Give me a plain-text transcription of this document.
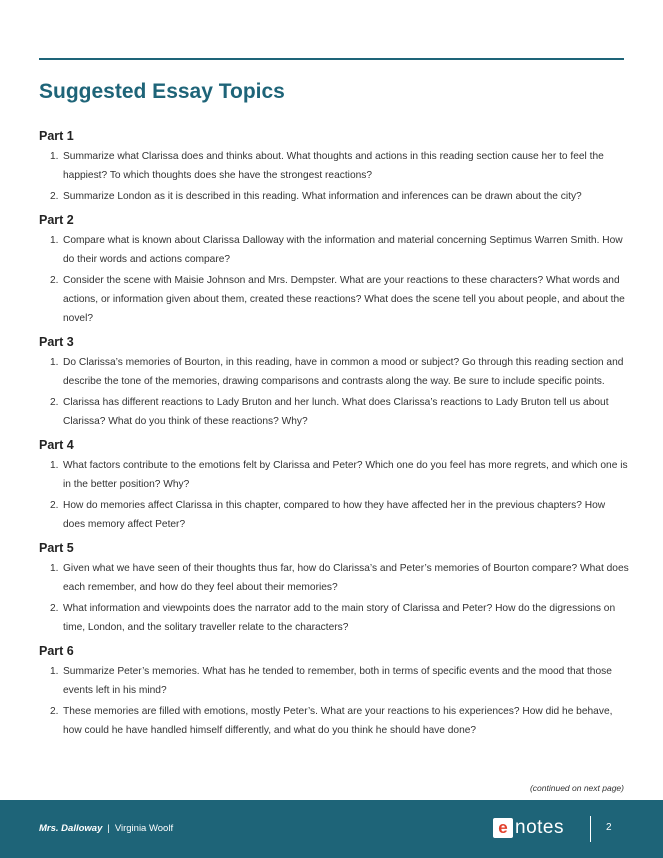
Suggested Essay Topics
Part 1
1. Summarize what Clarissa does and thinks about. What thoughts and actions in this reading section cause her to feel the happiest? To which thoughts does she have the strongest reactions?
2. Summarize London as it is described in this reading. What information and inferences can be drawn about the city?
Part 2
1. Compare what is known about Clarissa Dalloway with the information and material concerning Septimus Warren Smith. How do their words and actions compare?
2. Consider the scene with Maisie Johnson and Mrs. Dempster. What are your reactions to these characters? What words and actions, or information given about them, created these reactions? What does the scene tell you about people, and about the novel?
Part 3
1. Do Clarissa’s memories of Bourton, in this reading, have in common a mood or subject? Go through this reading section and describe the tone of the memories, drawing comparisons and contrasts along the way. Be sure to include specific points.
2. Clarissa has different reactions to Lady Bruton and her lunch. What does Clarissa’s reactions to Lady Bruton tell us about Clarissa? What do you think of these reactions? Why?
Part 4
1. What factors contribute to the emotions felt by Clarissa and Peter? Which one do you feel has more regrets, and which one is in the better position? Why?
2. How do memories affect Clarissa in this chapter, compared to how they have affected her in the previous chapters? How does memory affect Peter?
Part 5
1. Given what we have seen of their thoughts thus far, how do Clarissa’s and Peter’s memories of Bourton compare? What does each remember, and how do they feel about their memories?
2. What information and viewpoints does the narrator add to the main story of Clarissa and Peter? How do the digressions on time, London, and the solitary traveller relate to the characters?
Part 6
1. Summarize Peter’s memories. What has he tended to remember, both in terms of specific events and the mood that those events left in his mind?
2. These memories are filled with emotions, mostly Peter’s. What are your reactions to his experiences? How did he behave, how could he have handled himself differently, and what do you think he should have done?
(continued on next page)
Mrs. Dalloway | Virginia Woolf	e notes	2
